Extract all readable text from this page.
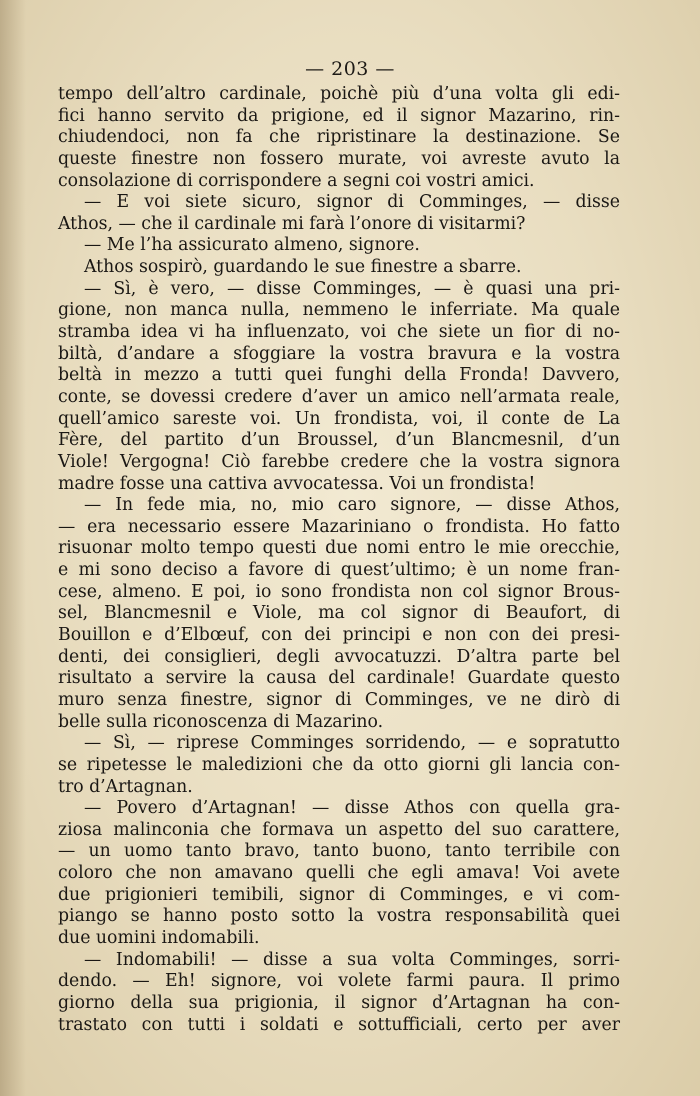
— 203 —
tempo dell’altro cardinale, poichè più d’una volta gli edi-
fici hanno servito da prigione, ed il signor Mazarino, rin-
chiudendoci, non fa che ripristinare la destinazione. Se
queste finestre non fossero murate, voi avreste avuto la
consolazione di corrispondere a segni coi vostri amici.
— E voi siete sicuro, signor di Comminges, — disse
Athos, — che il cardinale mi farà l’onore di visitarmi?
— Me l’ha assicurato almeno, signore.
Athos sospirò, guardando le sue finestre a sbarre.
— Sì, è vero, — disse Comminges, — è quasi una pri-
gione, non manca nulla, nemmeno le inferriate. Ma quale
stramba idea vi ha influenzato, voi che siete un fior di no-
biltà, d’andare a sfoggiare la vostra bravura e la vostra
beltà in mezzo a tutti quei funghi della Fronda! Davvero,
conte, se dovessi credere d’aver un amico nell’armata reale,
quell’amico sareste voi. Un frondista, voi, il conte de La
Fère, del partito d’un Broussel, d’un Blancmesnil, d’un
Viole! Vergogna! Ciò farebbe credere che la vostra signora
madre fosse una cattiva avvocatessa. Voi un frondista!
— In fede mia, no, mio caro signore, — disse Athos,
— era necessario essere Mazariniano o frondista. Ho fatto
risuonar molto tempo questi due nomi entro le mie orecchie,
e mi sono deciso a favore di quest’ultimo; è un nome fran-
cese, almeno. E poi, io sono frondista non col signor Brous-
sel, Blancmesnil e Viole, ma col signor di Beaufort, di
Bouillon e d’Elbœuf, con dei principi e non con dei presi-
denti, dei consiglieri, degli avvocatuzzi. D’altra parte bel
risultato a servire la causa del cardinale! Guardate questo
muro senza finestre, signor di Comminges, ve ne dirò di
belle sulla riconoscenza di Mazarino.
— Sì, — riprese Comminges sorridendo, — e sopratutto
se ripetesse le maledizioni che da otto giorni gli lancia con-
tro d’Artagnan.
— Povero d’Artagnan! — disse Athos con quella gra-
ziosa malinconia che formava un aspetto del suo carattere,
— un uomo tanto bravo, tanto buono, tanto terribile con
coloro che non amavano quelli che egli amava! Voi avete
due prigionieri temibili, signor di Comminges, e vi com-
piango se hanno posto sotto la vostra responsabilità quei
due uomini indomabili.
— Indomabili! — disse a sua volta Comminges, sorri-
dendo. — Eh! signore, voi volete farmi paura. Il primo
giorno della sua prigionia, il signor d’Artagnan ha con-
trastato con tutti i soldati e sottufficiali, certo per aver
